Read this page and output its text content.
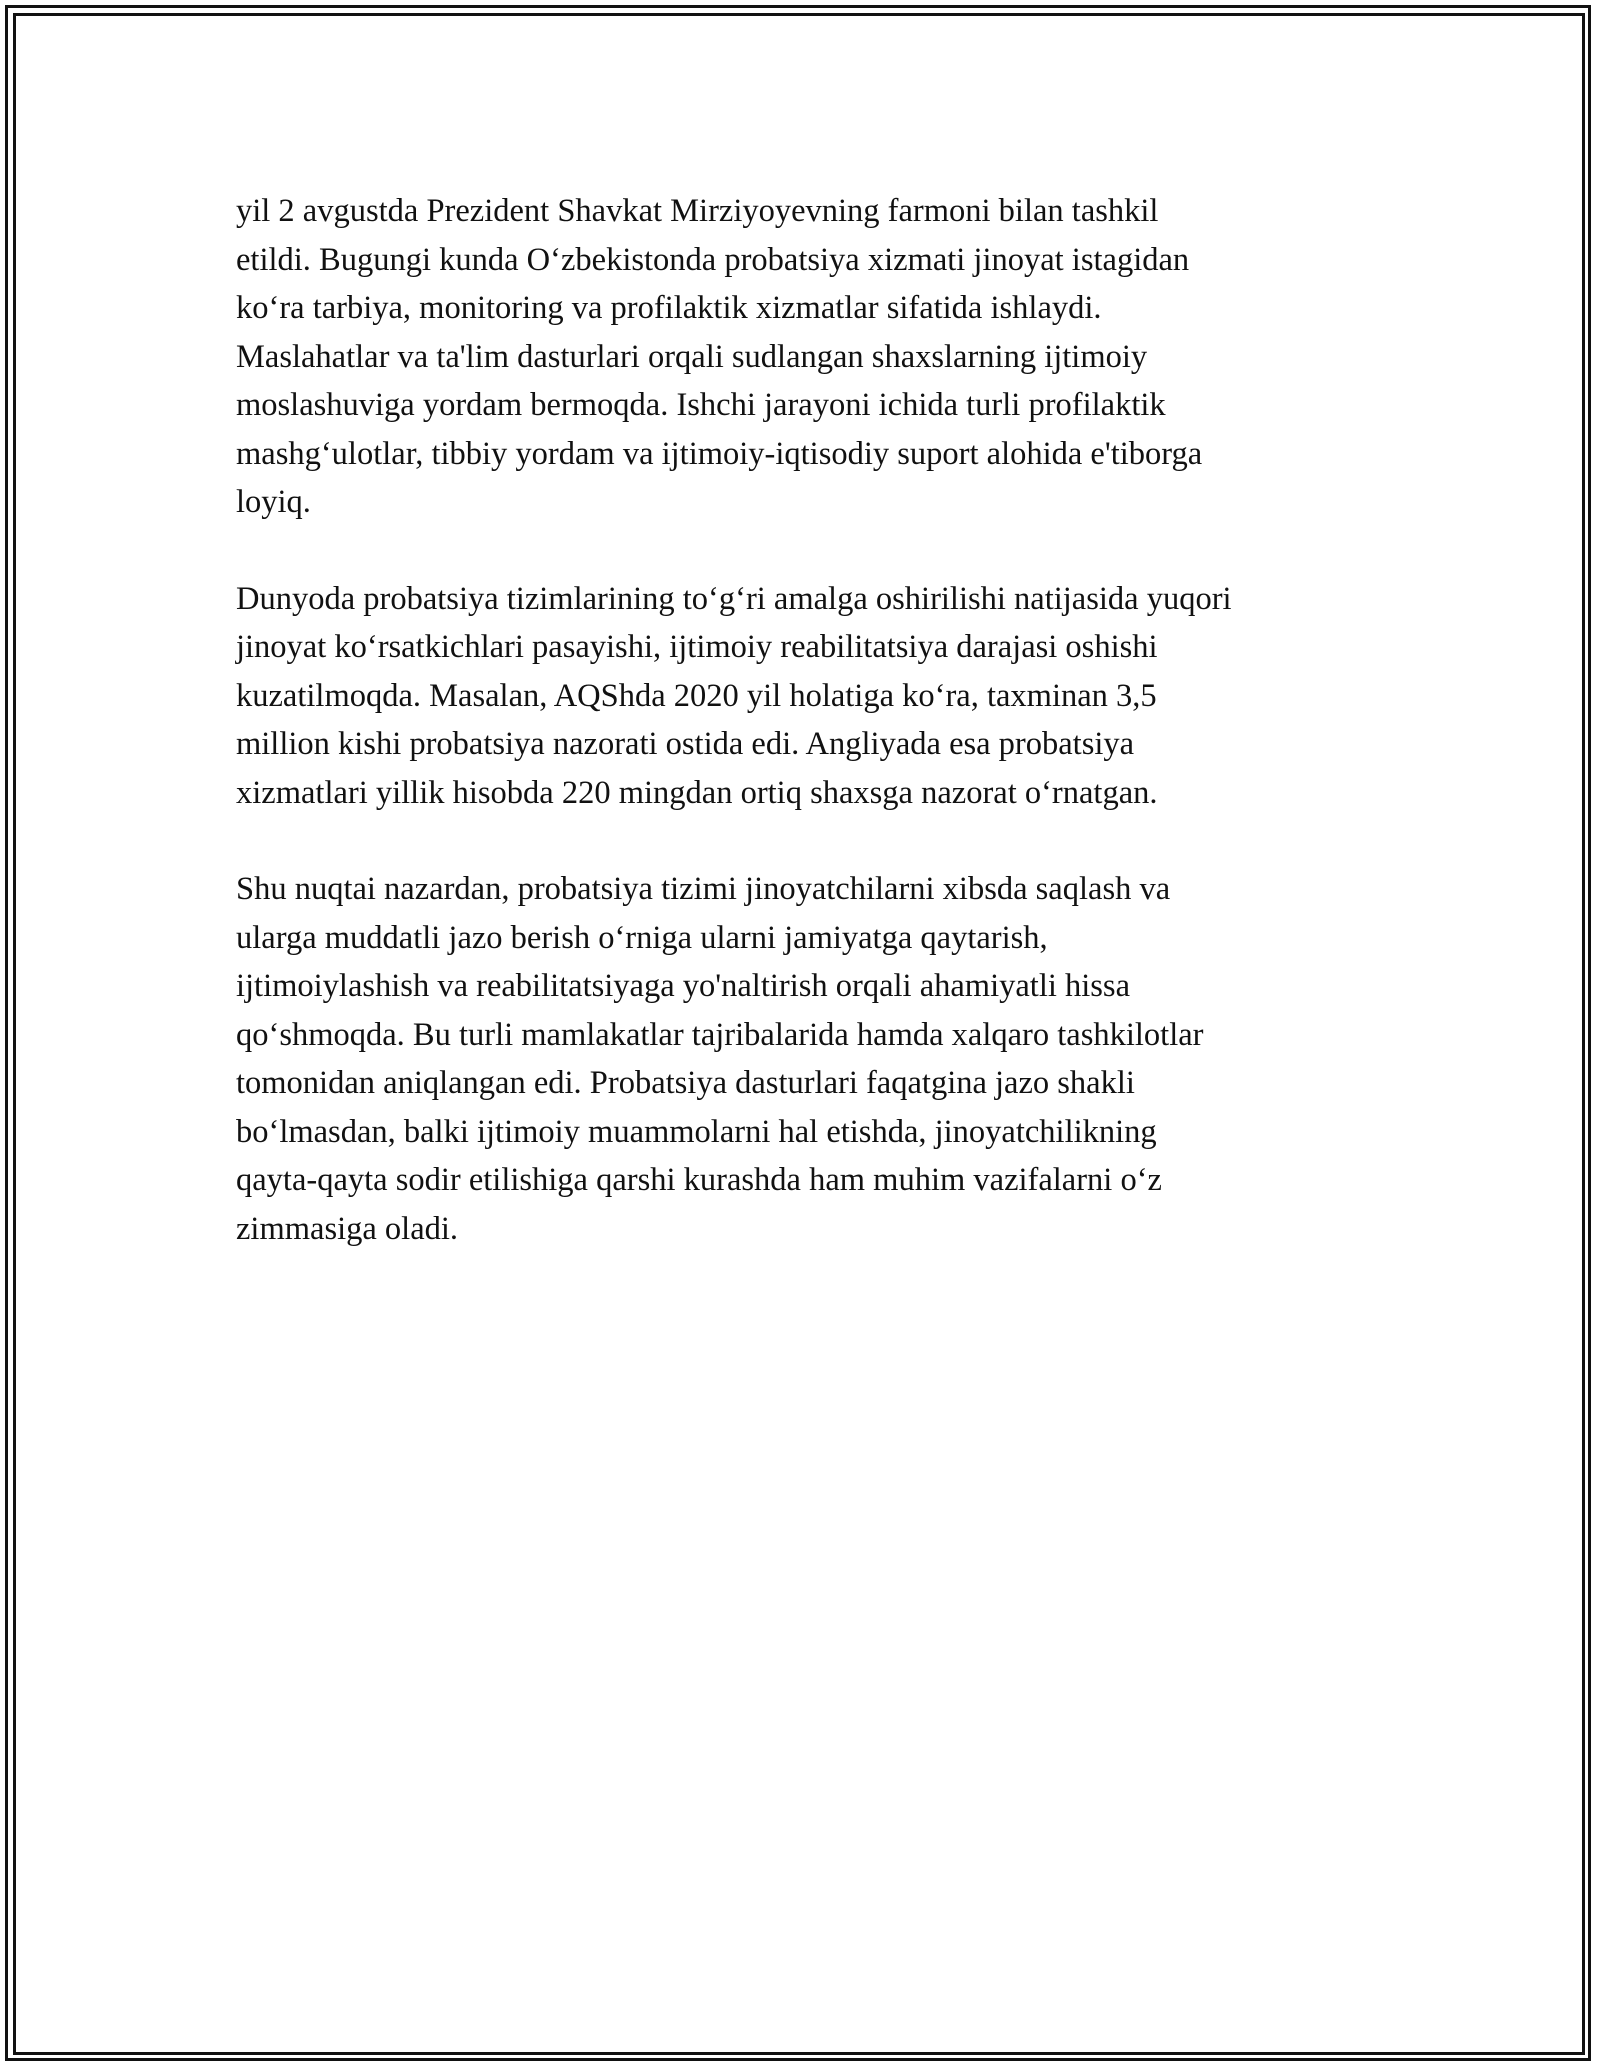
yil 2 avgustda Prezident Shavkat Mirziyoyevning farmoni bilan tashkil
etildi. Bugungi kunda O‘zbekistonda probatsiya xizmati jinoyat istagidan
ko‘ra tarbiya, monitoring va profilaktik xizmatlar sifatida ishlaydi.
Maslahatlar va ta'lim dasturlari orqali sudlangan shaxslarning ijtimoiy
moslashuviga yordam bermoqda. Ishchi jarayoni ichida turli profilaktik
mashg‘ulotlar, tibbiy yordam va ijtimoiy-iqtisodiy suport alohida e'tiborga
loyiq.

Dunyoda probatsiya tizimlarining to‘g‘ri amalga oshirilishi natijasida yuqori
jinoyat ko‘rsatkichlari pasayishi, ijtimoiy reabilitatsiya darajasi oshishi
kuzatilmoqda. Masalan, AQShda 2020 yil holatiga ko‘ra, taxminan 3,5
million kishi probatsiya nazorati ostida edi. Angliyada esa probatsiya
xizmatlari yillik hisobda 220 mingdan ortiq shaxsga nazorat o‘rnatgan.

Shu nuqtai nazardan, probatsiya tizimi jinoyatchilarni xibsda saqlash va
ularga muddatli jazo berish o‘rniga ularni jamiyatga qaytarish,
ijtimoiylashish va reabilitatsiyaga yo'naltirish orqali ahamiyatli hissa
qo‘shmoqda. Bu turli mamlakatlar tajribalarida hamda xalqaro tashkilotlar
tomonidan aniqlangan edi. Probatsiya dasturlari faqatgina jazo shakli
bo‘lmasdan, balki ijtimoiy muammolarni hal etishda, jinoyatchilikning
qayta-qayta sodir etilishiga qarshi kurashda ham muhim vazifalarni o‘z
zimmasiga oladi.
